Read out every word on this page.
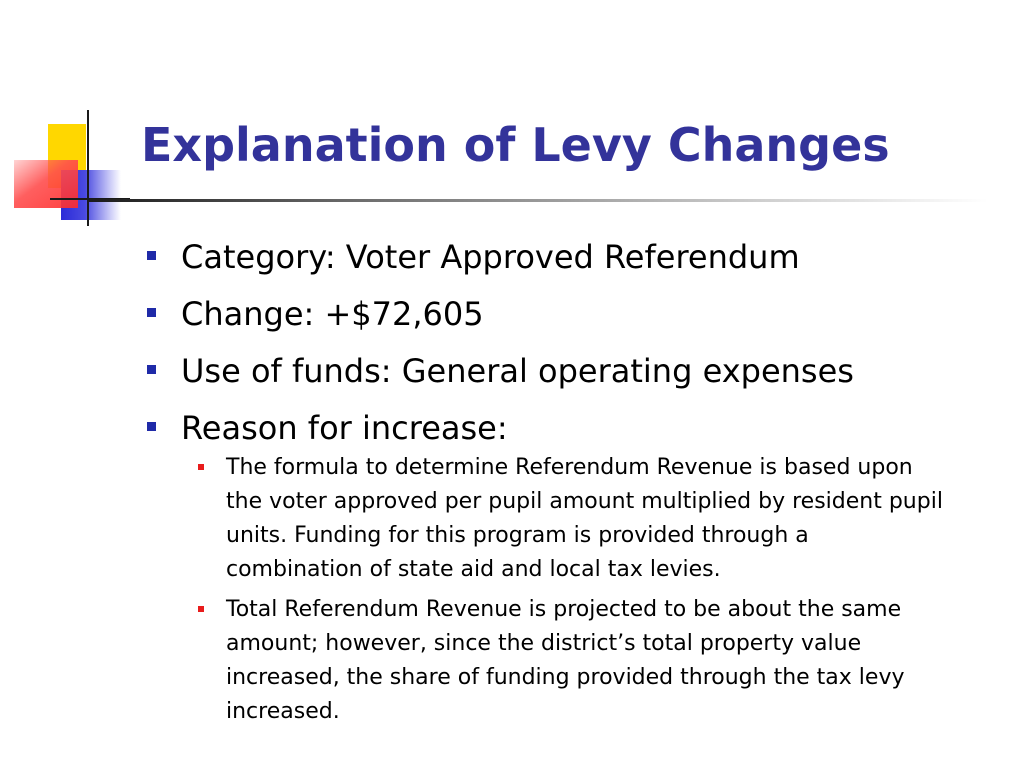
Explanation of Levy Changes
Category: Voter Approved Referendum
Change: +$72,605
Use of funds: General operating expenses
Reason for increase:
The formula to determine Referendum Revenue is based upon the voter approved per pupil amount multiplied by resident pupil units. Funding for this program is provided through a combination of state aid and local tax levies.
Total Referendum Revenue is projected to be about the same amount; however, since the district’s total property value increased, the share of funding provided through the tax levy increased.
